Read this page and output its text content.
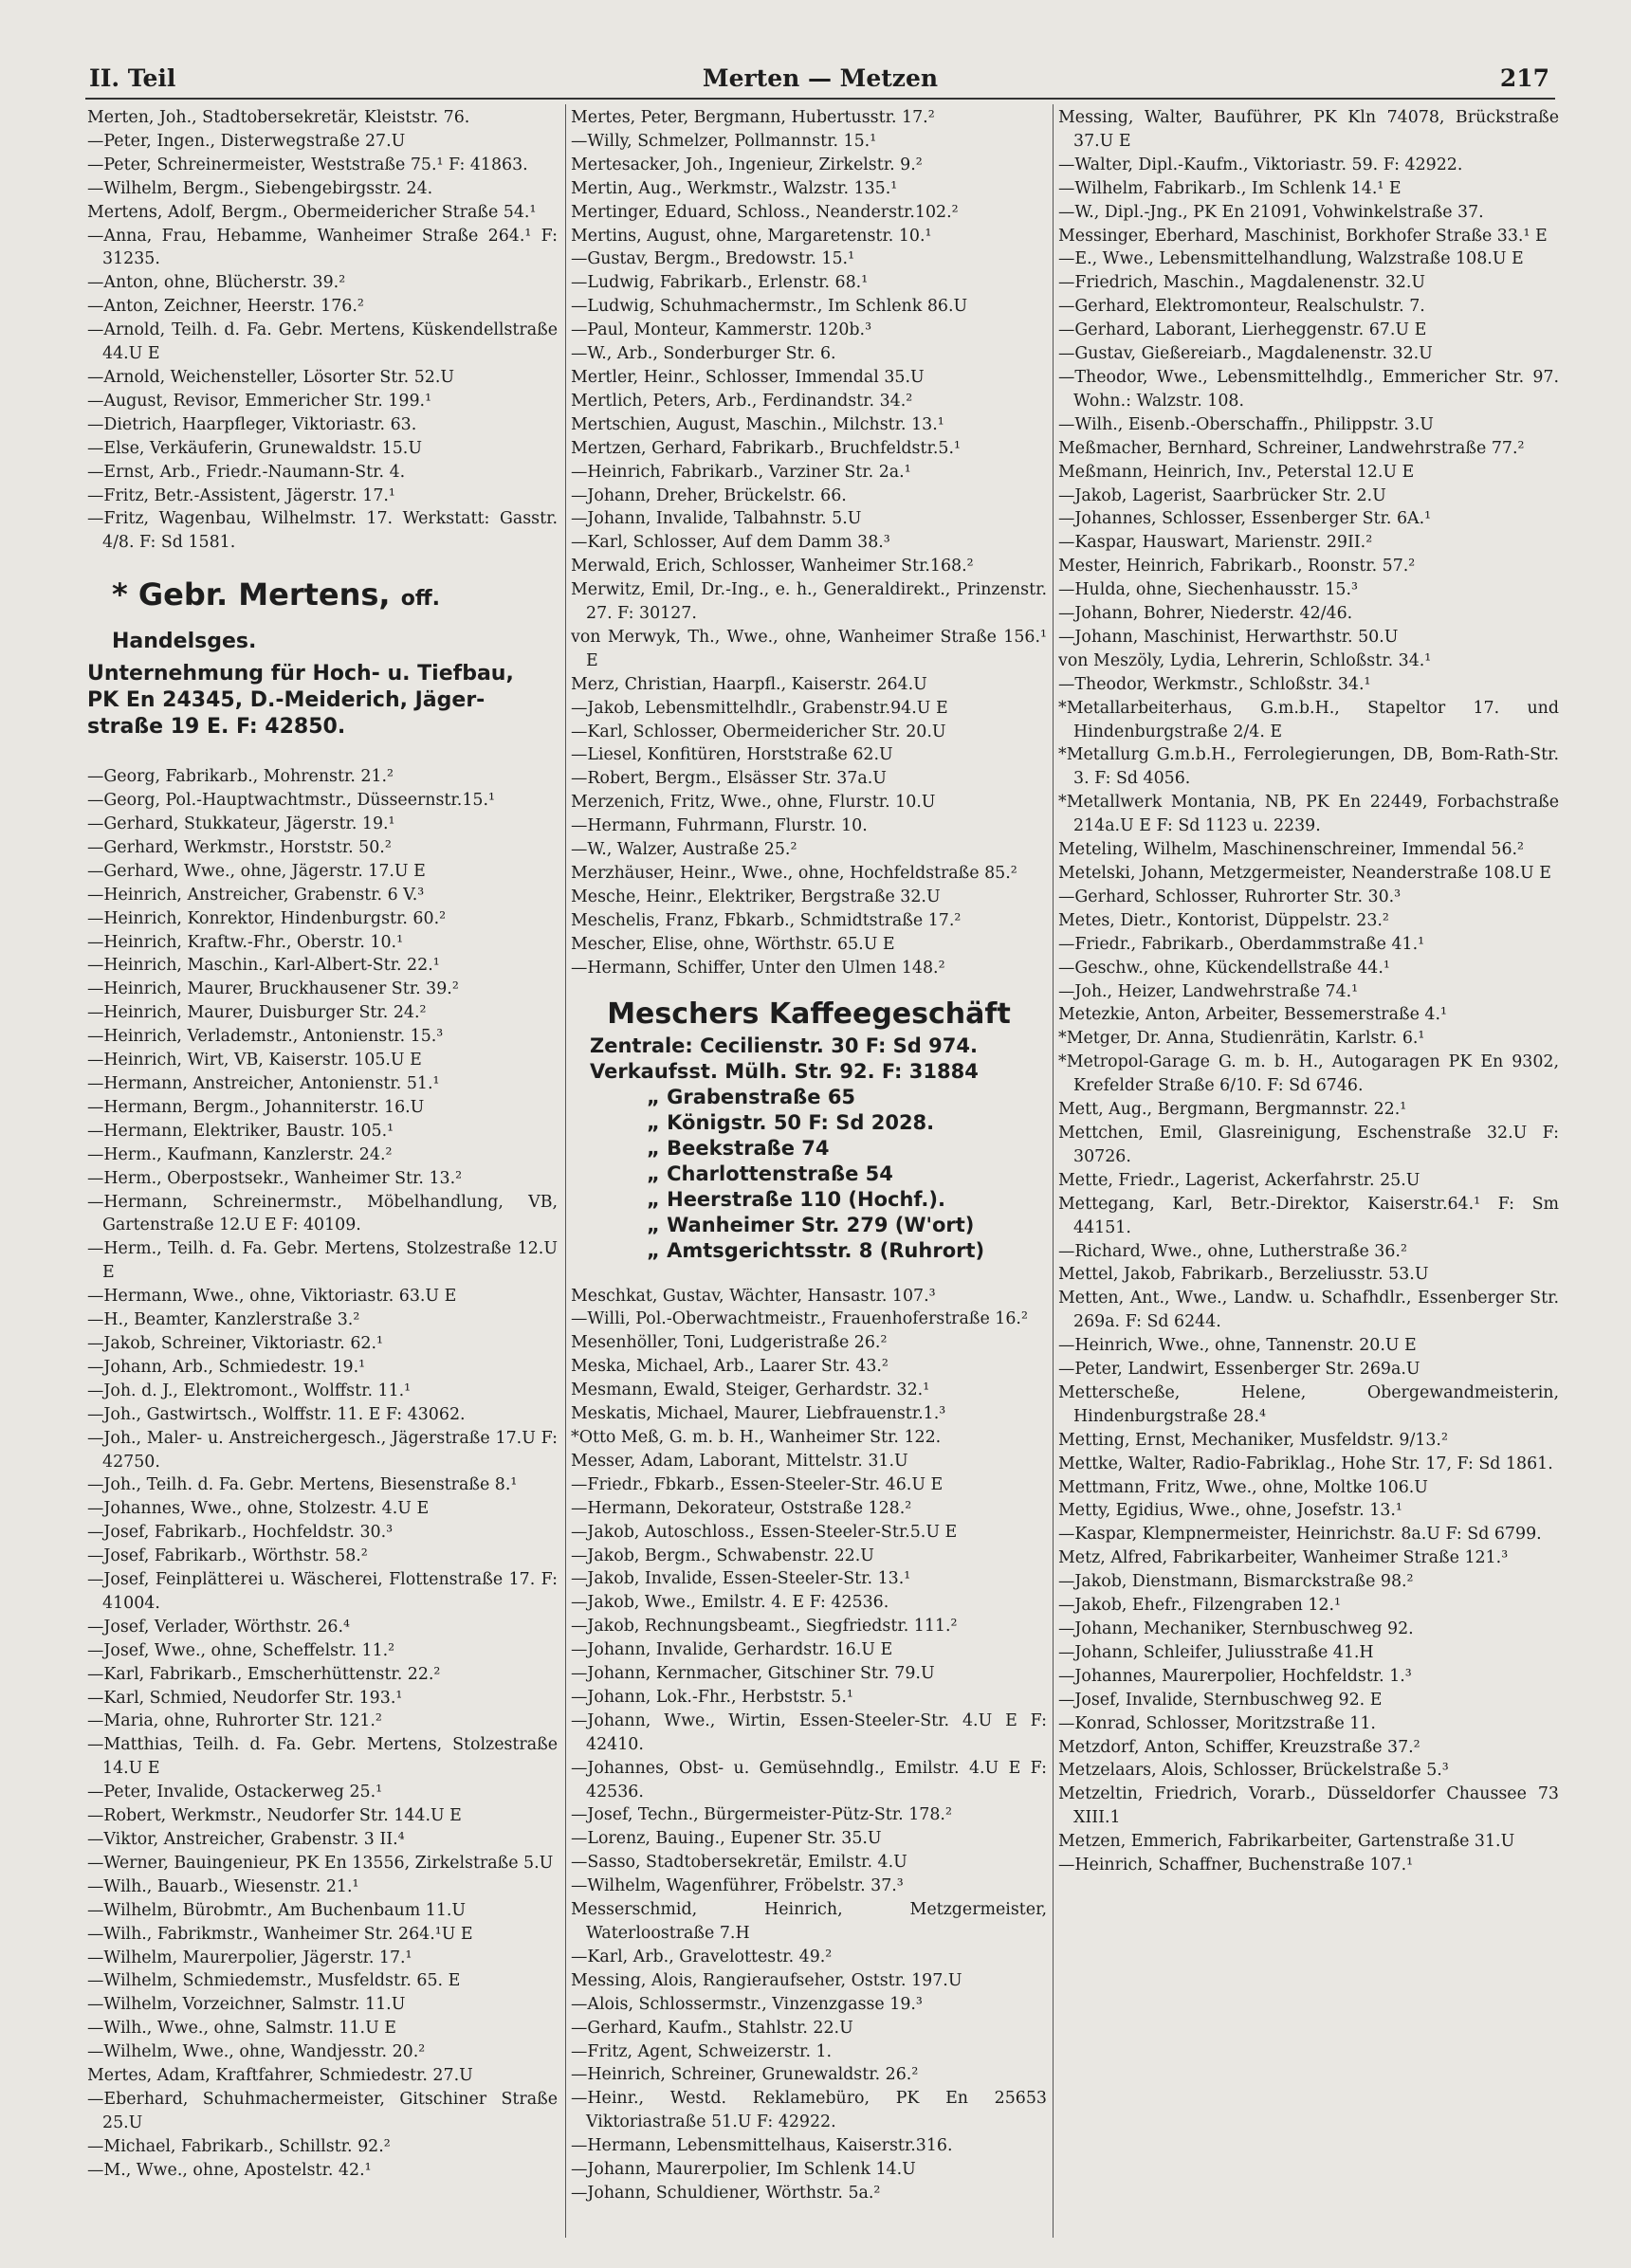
II. Teil	Merten — Metzen	217

Merten, Joh., Stadtobersekretär, Kleiststr. 76.

—Peter, Ingen., Disterwegstraße 27.U

—Peter, Schreinermeister, Weststraße 75.¹ F: 41863.

—Wilhelm, Bergm., Siebengebirgsstr. 24.

Mertens, Adolf, Bergm., Obermeidericher Straße 54.¹

—Anna, Frau, Hebamme, Wanheimer Straße 264.¹ F: 31235.

—Anton, ohne, Blücherstr. 39.²

—Anton, Zeichner, Heerstr. 176.²

—Arnold, Teilh. d. Fa. Gebr. Mertens, Küskendellstraße 44.U E

—Arnold, Weichensteller, Lösorter Str. 52.U

—August, Revisor, Emmericher Str. 199.¹

—Dietrich, Haarpfleger, Viktoriastr. 63.

—Else, Verkäuferin, Grunewaldstr. 15.U

—Ernst, Arb., Friedr.-Naumann-Str. 4.

—Fritz, Betr.-Assistent, Jägerstr. 17.¹

—Fritz, Wagenbau, Wilhelmstr. 17. Werkstatt: Gasstr. 4/8. F: Sd 1581.

* Gebr. Mertens, off. Handelsges.
Unternehmung für Hoch- u. Tiefbau,
PK En 24345, D.-Meiderich, Jäger-
straße 19 E. F: 42850.

—Georg, Fabrikarb., Mohrenstr. 21.²

—Georg, Pol.-Hauptwachtmstr., Düsseernstr.15.¹

—Gerhard, Stukkateur, Jägerstr. 19.¹

—Gerhard, Werkmstr., Horststr. 50.²

—Gerhard, Wwe., ohne, Jägerstr. 17.U E

—Heinrich, Anstreicher, Grabenstr. 6 V.³

—Heinrich, Konrektor, Hindenburgstr. 60.²

—Heinrich, Kraftw.-Fhr., Oberstr. 10.¹

—Heinrich, Maschin., Karl-Albert-Str. 22.¹

—Heinrich, Maurer, Bruckhausener Str. 39.²

—Heinrich, Maurer, Duisburger Str. 24.²

—Heinrich, Verlademstr., Antonienstr. 15.³

—Heinrich, Wirt, VB, Kaiserstr. 105.U E

—Hermann, Anstreicher, Antonienstr. 51.¹

—Hermann, Bergm., Johanniterstr. 16.U

—Hermann, Elektriker, Baustr. 105.¹

—Herm., Kaufmann, Kanzlerstr. 24.²

—Herm., Oberpostsekr., Wanheimer Str. 13.²

—Hermann, Schreinermstr., Möbelhandlung, VB, Gartenstraße 12.U E F: 40109.

—Herm., Teilh. d. Fa. Gebr. Mertens, Stolzestraße 12.U E

—Hermann, Wwe., ohne, Viktoriastr. 63.U E

—H., Beamter, Kanzlerstraße 3.²

—Jakob, Schreiner, Viktoriastr. 62.¹

—Johann, Arb., Schmiedestr. 19.¹

—Joh. d. J., Elektromont., Wolffstr. 11.¹

—Joh., Gastwirtsch., Wolffstr. 11. E F: 43062.

—Joh., Maler- u. Anstreichergesch., Jägerstraße 17.U F: 42750.

—Joh., Teilh. d. Fa. Gebr. Mertens, Biesenstraße 8.¹

—Johannes, Wwe., ohne, Stolzestr. 4.U E

—Josef, Fabrikarb., Hochfeldstr. 30.³

—Josef, Fabrikarb., Wörthstr. 58.²

—Josef, Feinplätterei u. Wäscherei, Flottenstraße 17. F: 41004.

—Josef, Verlader, Wörthstr. 26.⁴

—Josef, Wwe., ohne, Scheffelstr. 11.²

—Karl, Fabrikarb., Emscherhüttenstr. 22.²

—Karl, Schmied, Neudorfer Str. 193.¹

—Maria, ohne, Ruhrorter Str. 121.²

—Matthias, Teilh. d. Fa. Gebr. Mertens, Stolzestraße 14.U E

—Peter, Invalide, Ostackerweg 25.¹

—Robert, Werkmstr., Neudorfer Str. 144.U E

—Viktor, Anstreicher, Grabenstr. 3 II.⁴

—Werner, Bauingenieur, PK En 13556, Zirkelstraße 5.U

—Wilh., Bauarb., Wiesenstr. 21.¹

—Wilhelm, Bürobmtr., Am Buchenbaum 11.U

—Wilh., Fabrikmstr., Wanheimer Str. 264.¹U E

—Wilhelm, Maurerpolier, Jägerstr. 17.¹

—Wilhelm, Schmiedemstr., Musfeldstr. 65. E

—Wilhelm, Vorzeichner, Salmstr. 11.U

—Wilh., Wwe., ohne, Salmstr. 11.U E

—Wilhelm, Wwe., ohne, Wandjesstr. 20.²

Mertes, Adam, Kraftfahrer, Schmiedestr. 27.U

—Eberhard, Schuhmachermeister, Gitschiner Straße 25.U

—Michael, Fabrikarb., Schillstr. 92.²

—M., Wwe., ohne, Apostelstr. 42.¹

Mertes, Peter, Bergmann, Hubertusstr. 17.²

—Willy, Schmelzer, Pollmannstr. 15.¹

Mertesacker, Joh., Ingenieur, Zirkelstr. 9.²

Mertin, Aug., Werkmstr., Walzstr. 135.¹

Mertinger, Eduard, Schloss., Neanderstr.102.²

Mertins, August, ohne, Margaretenstr. 10.¹

—Gustav, Bergm., Bredowstr. 15.¹

—Ludwig, Fabrikarb., Erlenstr. 68.¹

—Ludwig, Schuhmachermstr., Im Schlenk 86.U

—Paul, Monteur, Kammerstr. 120b.³

—W., Arb., Sonderburger Str. 6.

Mertler, Heinr., Schlosser, Immendal 35.U

Mertlich, Peters, Arb., Ferdinandstr. 34.²

Mertschien, August, Maschin., Milchstr. 13.¹

Mertzen, Gerhard, Fabrikarb., Bruchfeldstr.5.¹

—Heinrich, Fabrikarb., Varziner Str. 2a.¹

—Johann, Dreher, Brückelstr. 66.

—Johann, Invalide, Talbahnstr. 5.U

—Karl, Schlosser, Auf dem Damm 38.³

Merwald, Erich, Schlosser, Wanheimer Str.168.²

Merwitz, Emil, Dr.-Ing., e. h., Generaldirekt., Prinzenstr. 27. F: 30127.

von Merwyk, Th., Wwe., ohne, Wanheimer Straße 156.¹ E

Merz, Christian, Haarpfl., Kaiserstr. 264.U

—Jakob, Lebensmittelhdlr., Grabenstr.94.U E

—Karl, Schlosser, Obermeidericher Str. 20.U

—Liesel, Konfitüren, Horststraße 62.U

—Robert, Bergm., Elsässer Str. 37a.U

Merzenich, Fritz, Wwe., ohne, Flurstr. 10.U

—Hermann, Fuhrmann, Flurstr. 10.

—W., Walzer, Austraße 25.²

Merzhäuser, Heinr., Wwe., ohne, Hochfeldstraße 85.²

Mesche, Heinr., Elektriker, Bergstraße 32.U

Meschelis, Franz, Fbkarb., Schmidtstraße 17.²

Mescher, Elise, ohne, Wörthstr. 65.U E

—Hermann, Schiffer, Unter den Ulmen 148.²

Meschers Kaffeegeschäft
Zentrale: Cecilienstr. 30 F: Sd 974.
Verkaufsst. Mülh. Str. 92. F: 31884
„ Grabenstraße 65
„ Königstr. 50 F: Sd 2028.
„ Beekstraße 74
„ Charlottenstraße 54
„ Heerstraße 110 (Hochf.).
„ Wanheimer Str. 279 (W'ort)
„ Amtsgerichtsstr. 8 (Ruhrort)

Meschkat, Gustav, Wächter, Hansastr. 107.³

—Willi, Pol.-Oberwachtmeistr., Frauenhoferstraße 16.²

Mesenhöller, Toni, Ludgeristraße 26.²

Meska, Michael, Arb., Laarer Str. 43.²

Mesmann, Ewald, Steiger, Gerhardstr. 32.¹

Meskatis, Michael, Maurer, Liebfrauenstr.1.³

*Otto Meß, G. m. b. H., Wanheimer Str. 122.

Messer, Adam, Laborant, Mittelstr. 31.U

—Friedr., Fbkarb., Essen-Steeler-Str. 46.U E

—Hermann, Dekorateur, Oststraße 128.²

—Jakob, Autoschloss., Essen-Steeler-Str.5.U E

—Jakob, Bergm., Schwabenstr. 22.U

—Jakob, Invalide, Essen-Steeler-Str. 13.¹

—Jakob, Wwe., Emilstr. 4. E F: 42536.

—Jakob, Rechnungsbeamt., Siegfriedstr. 111.²

—Johann, Invalide, Gerhardstr. 16.U E

—Johann, Kernmacher, Gitschiner Str. 79.U

—Johann, Lok.-Fhr., Herbststr. 5.¹

—Johann, Wwe., Wirtin, Essen-Steeler-Str. 4.U E F: 42410.

—Johannes, Obst- u. Gemüsehndlg., Emilstr. 4.U E F: 42536.

—Josef, Techn., Bürgermeister-Pütz-Str. 178.²

—Lorenz, Bauing., Eupener Str. 35.U

—Sasso, Stadtobersekretär, Emilstr. 4.U

—Wilhelm, Wagenführer, Fröbelstr. 37.³

Messerschmid, Heinrich, Metzgermeister, Waterloostraße 7.H

—Karl, Arb., Gravelottestr. 49.²

Messing, Alois, Rangieraufseher, Oststr. 197.U

—Alois, Schlossermstr., Vinzenzgasse 19.³

—Gerhard, Kaufm., Stahlstr. 22.U

—Fritz, Agent, Schweizerstr. 1.

—Heinrich, Schreiner, Grunewaldstr. 26.²

—Heinr., Westd. Reklamebüro, PK En 25653 Viktoriastraße 51.U F: 42922.

—Hermann, Lebensmittelhaus, Kaiserstr.316.

—Johann, Maurerpolier, Im Schlenk 14.U

—Johann, Schuldiener, Wörthstr. 5a.²

Messing, Walter, Bauführer, PK Kln 74078, Brückstraße 37.U E

—Walter, Dipl.-Kaufm., Viktoriastr. 59. F: 42922.

—Wilhelm, Fabrikarb., Im Schlenk 14.¹ E

—W., Dipl.-Jng., PK En 21091, Vohwinkelstraße 37.

Messinger, Eberhard, Maschinist, Borkhofer Straße 33.¹ E

—E., Wwe., Lebensmittelhandlung, Walzstraße 108.U E

—Friedrich, Maschin., Magdalenenstr. 32.U

—Gerhard, Elektromonteur, Realschulstr. 7.

—Gerhard, Laborant, Lierheggenstr. 67.U E

—Gustav, Gießereiarb., Magdalenenstr. 32.U

—Theodor, Wwe., Lebensmittelhdlg., Emmericher Str. 97. Wohn.: Walzstr. 108.

—Wilh., Eisenb.-Oberschaffn., Philippstr. 3.U

Meßmacher, Bernhard, Schreiner, Landwehrstraße 77.²

Meßmann, Heinrich, Inv., Peterstal 12.U E

—Jakob, Lagerist, Saarbrücker Str. 2.U

—Johannes, Schlosser, Essenberger Str. 6A.¹

—Kaspar, Hauswart, Marienstr. 29II.²

Mester, Heinrich, Fabrikarb., Roonstr. 57.²

—Hulda, ohne, Siechenhausstr. 15.³

—Johann, Bohrer, Niederstr. 42/46.

—Johann, Maschinist, Herwarthstr. 50.U

von Meszöly, Lydia, Lehrerin, Schloßstr. 34.¹

—Theodor, Werkmstr., Schloßstr. 34.¹

*Metallarbeiterhaus, G.m.b.H., Stapeltor 17. und Hindenburgstraße 2/4. E

*Metallurg G.m.b.H., Ferrolegierungen, DB, Bom-Rath-Str. 3. F: Sd 4056.

*Metallwerk Montania, NB, PK En 22449, Forbachstraße 214a.U E F: Sd 1123 u. 2239.

Meteling, Wilhelm, Maschinenschreiner, Immendal 56.²

Metelski, Johann, Metzgermeister, Neanderstraße 108.U E

—Gerhard, Schlosser, Ruhrorter Str. 30.³

Metes, Dietr., Kontorist, Düppelstr. 23.²

—Friedr., Fabrikarb., Oberdammstraße 41.¹

—Geschw., ohne, Kückendellstraße 44.¹

—Joh., Heizer, Landwehrstraße 74.¹

Metezkie, Anton, Arbeiter, Bessemerstraße 4.¹

*Metger, Dr. Anna, Studienrätin, Karlstr. 6.¹

*Metropol-Garage G. m. b. H., Autogaragen PK En 9302, Krefelder Straße 6/10. F: Sd 6746.

Mett, Aug., Bergmann, Bergmannstr. 22.¹

Mettchen, Emil, Glasreinigung, Eschenstraße 32.U F: 30726.

Mette, Friedr., Lagerist, Ackerfahrstr. 25.U

Mettegang, Karl, Betr.-Direktor, Kaiserstr.64.¹ F: Sm 44151.

—Richard, Wwe., ohne, Lutherstraße 36.²

Mettel, Jakob, Fabrikarb., Berzeliusstr. 53.U

Metten, Ant., Wwe., Landw. u. Schafhdlr., Essenberger Str. 269a. F: Sd 6244.

—Heinrich, Wwe., ohne, Tannenstr. 20.U E

—Peter, Landwirt, Essenberger Str. 269a.U

Metterscheße, Helene, Obergewandmeisterin, Hindenburgstraße 28.⁴

Metting, Ernst, Mechaniker, Musfeldstr. 9/13.²

Mettke, Walter, Radio-Fabriklag., Hohe Str. 17, F: Sd 1861.

Mettmann, Fritz, Wwe., ohne, Moltke 106.U

Metty, Egidius, Wwe., ohne, Josefstr. 13.¹

—Kaspar, Klempnermeister, Heinrichstr. 8a.U F: Sd 6799.

Metz, Alfred, Fabrikarbeiter, Wanheimer Straße 121.³

—Jakob, Dienstmann, Bismarckstraße 98.²

—Jakob, Ehefr., Filzengraben 12.¹

—Johann, Mechaniker, Sternbuschweg 92.

—Johann, Schleifer, Juliusstraße 41.H

—Johannes, Maurerpolier, Hochfeldstr. 1.³

—Josef, Invalide, Sternbuschweg 92. E

—Konrad, Schlosser, Moritzstraße 11.

Metzdorf, Anton, Schiffer, Kreuzstraße 37.²

Metzelaars, Alois, Schlosser, Brückelstraße 5.³

Metzeltin, Friedrich, Vorarb., Düsseldorfer Chaussee 73 XIII.1

Metzen, Emmerich, Fabrikarbeiter, Gartenstraße 31.U

—Heinrich, Schaffner, Buchenstraße 107.¹
